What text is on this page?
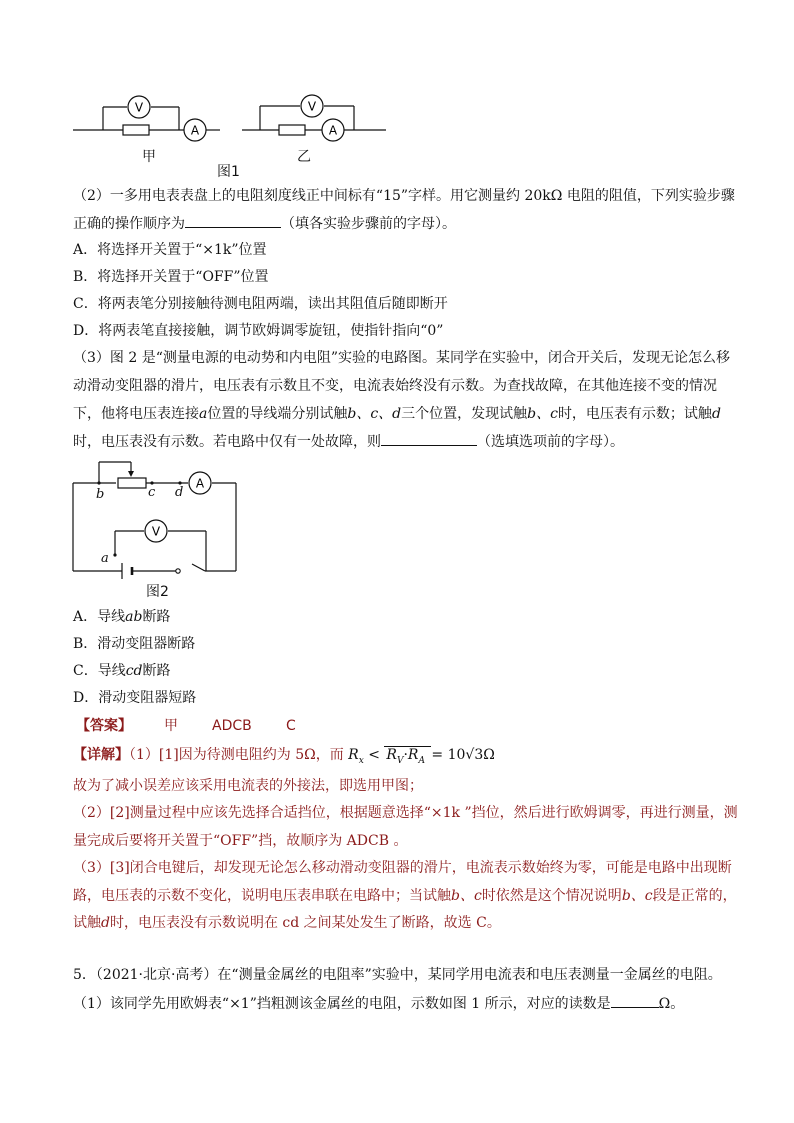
V
A
V
A
甲	乙
图1
（2）一多用电表表盘上的电阻刻度线正中间标有“15”字样。用它测量约 20kΩ 电阻的阻值，下列实验步骤
正确的操作顺序为	（填各实验步骤前的字母）。
A．将选择开关置于“×1k”位置
B．将选择开关置于“OFF”位置
C．将两表笔分别接触待测电阻两端，读出其阻值后随即断开
D．将两表笔直接接触，调节欧姆调零旋钮，使指针指向“0”
（3）图 2 是“测量电源的电动势和内电阻”实验的电路图。某同学在实验中，闭合开关后，发现无论怎么移
动滑动变阻器的滑片，电压表有示数且不变，电流表始终没有示数。为查找故障，在其他连接不变的情况
下，他将电压表连接a位置的导线端分别试触b、c、d三个位置，发现试触b、c时，电压表有示数；试触d
时，电压表没有示数。若电路中仅有一处故障，则	（选填选项前的字母）。
A
V
b	c d
a
图2
A．导线ab断路
B．滑动变阻器断路
C．导线cd断路
D．滑动变阻器短路
【答案】 甲 ADCB C
【详解】（1）[1]因为待测电阻约为 5Ω，而 $R_x < R_V\cdot R_A = 10√3\Omega$
故为了减小误差应该采用电流表的外接法，即选用甲图；
（2）[2]测量过程中应该先选择合适挡位，根据题意选择“×1k ”挡位，然后进行欧姆调零，再进行测量，测
量完成后要将开关置于“OFF”挡，故顺序为 ADCB 。
（3）[3]闭合电键后，却发现无论怎么移动滑动变阻器的滑片，电流表示数始终为零，可能是电路中出现断
路，电压表的示数不变化，说明电压表串联在电路中；当试触b、c时依然是这个情况说明b、c段是正常的，
试触d时，电压表没有示数说明在 cd 之间某处发生了断路，故选 C。
5．（2021·北京·高考）在“测量金属丝的电阻率”实验中，某同学用电流表和电压表测量一金属丝的电阻。
（1）该同学先用欧姆表“×1”挡粗测该金属丝的电阻，示数如图 1 所示，对应的读数是	Ω。
